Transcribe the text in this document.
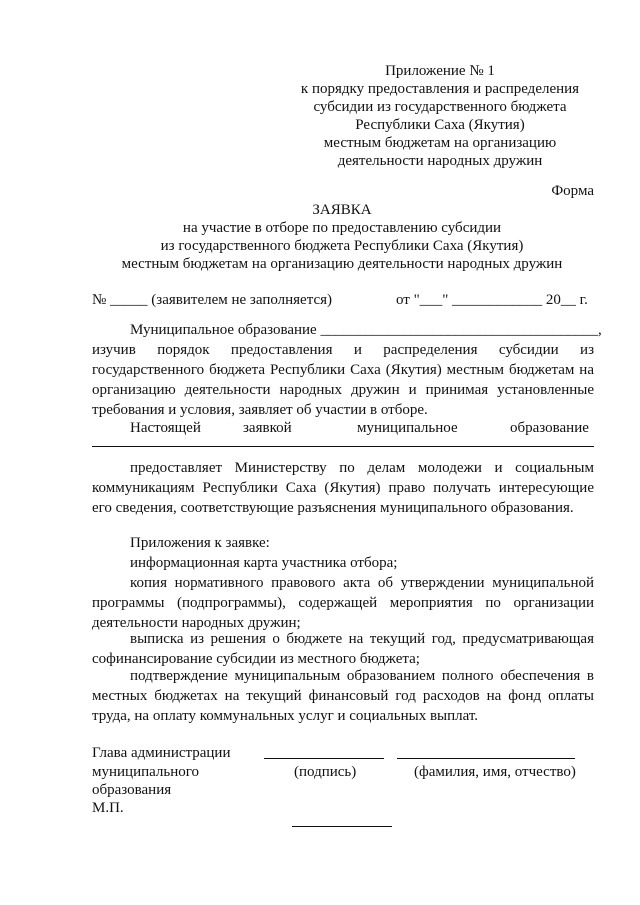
Приложение № 1
к порядку предоставления и распределения
субсидии из государственного бюджета
Республики Саха (Якутия)
местным бюджетам на организацию
деятельности народных дружин
Форма
ЗАЯВКА
на участие в отборе по предоставлению субсидии
из государственного бюджета Республики Саха (Якутия)
местным бюджетам на организацию деятельности народных дружин
№ _____ (заявителем не заполняется)	от "___" ____________ 20__ г.
Муниципальное образование _____________________________________,
изучив порядок предоставления и распределения субсидии из
государственного бюджета Республики Саха (Якутия) местным бюджетам на
организацию деятельности народных дружин и принимая установленные
требования и условия, заявляет об участии в отборе.
Настоящей	заявкой	муниципальное	образование
предоставляет Министерству по делам молодежи и социальным
коммуникациям Республики Саха (Якутия) право получать интересующие
его сведения, соответствующие разъяснения муниципального образования.
Приложения к заявке:
информационная карта участника отбора;
копия нормативного правового акта об утверждении муниципальной
программы (подпрограммы), содержащей мероприятия по организации
деятельности народных дружин;
выписка из решения о бюджете на текущий год, предусматривающая
софинансирование субсидии из местного бюджета;
подтверждение муниципальным образованием полного обеспечения в
местных бюджетах на текущий финансовый год расходов на фонд оплаты
труда, на оплату коммунальных услуг и социальных выплат.
Глава администрации
муниципального
образования
М.П.
(подпись)	(фамилия, имя, отчество)
